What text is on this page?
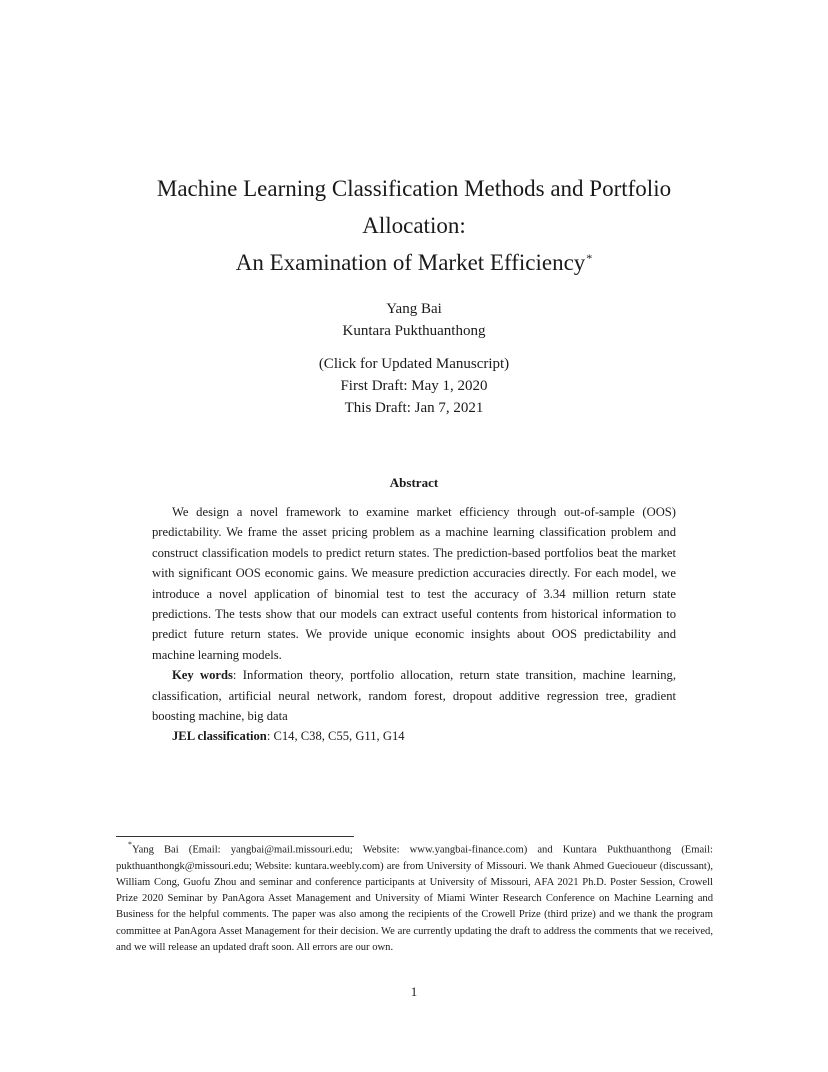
Machine Learning Classification Methods and Portfolio
Allocation:
An Examination of Market Efficiency*
Yang Bai
Kuntara Pukthuanthong
(Click for Updated Manuscript)
First Draft: May 1, 2020
This Draft: Jan 7, 2021
Abstract

We design a novel framework to examine market efficiency through out-of-sample (OOS) predictability. We frame the asset pricing problem as a machine learning classification problem and construct classification models to predict return states. The prediction-based portfolios beat the market with significant OOS economic gains. We measure prediction accuracies directly. For each model, we introduce a novel application of binomial test to test the accuracy of 3.34 million return state predictions. The tests show that our models can extract useful contents from historical information to predict future return states. We provide unique economic insights about OOS predictability and machine learning models.

Key words: Information theory, portfolio allocation, return state transition, machine learning, classification, artificial neural network, random forest, dropout additive regression tree, gradient boosting machine, big data

JEL classification: C14, C38, C55, G11, G14

*Yang Bai (Email: yangbai@mail.missouri.edu; Website: www.yangbai-finance.com) and Kuntara Pukthuanthong (Email: pukthuanthongk@missouri.edu; Website: kuntara.weebly.com) are from University of Missouri. We thank Ahmed Guecioueur (discussant), William Cong, Guofu Zhou and seminar and conference participants at University of Missouri, AFA 2021 Ph.D. Poster Session, Crowell Prize 2020 Seminar by PanAgora Asset Management and University of Miami Winter Research Conference on Machine Learning and Business for the helpful comments. The paper was also among the recipients of the Crowell Prize (third prize) and we thank the program committee at PanAgora Asset Management for their decision. We are currently updating the draft to address the comments that we received, and we will release an updated draft soon. All errors are our own.

1
